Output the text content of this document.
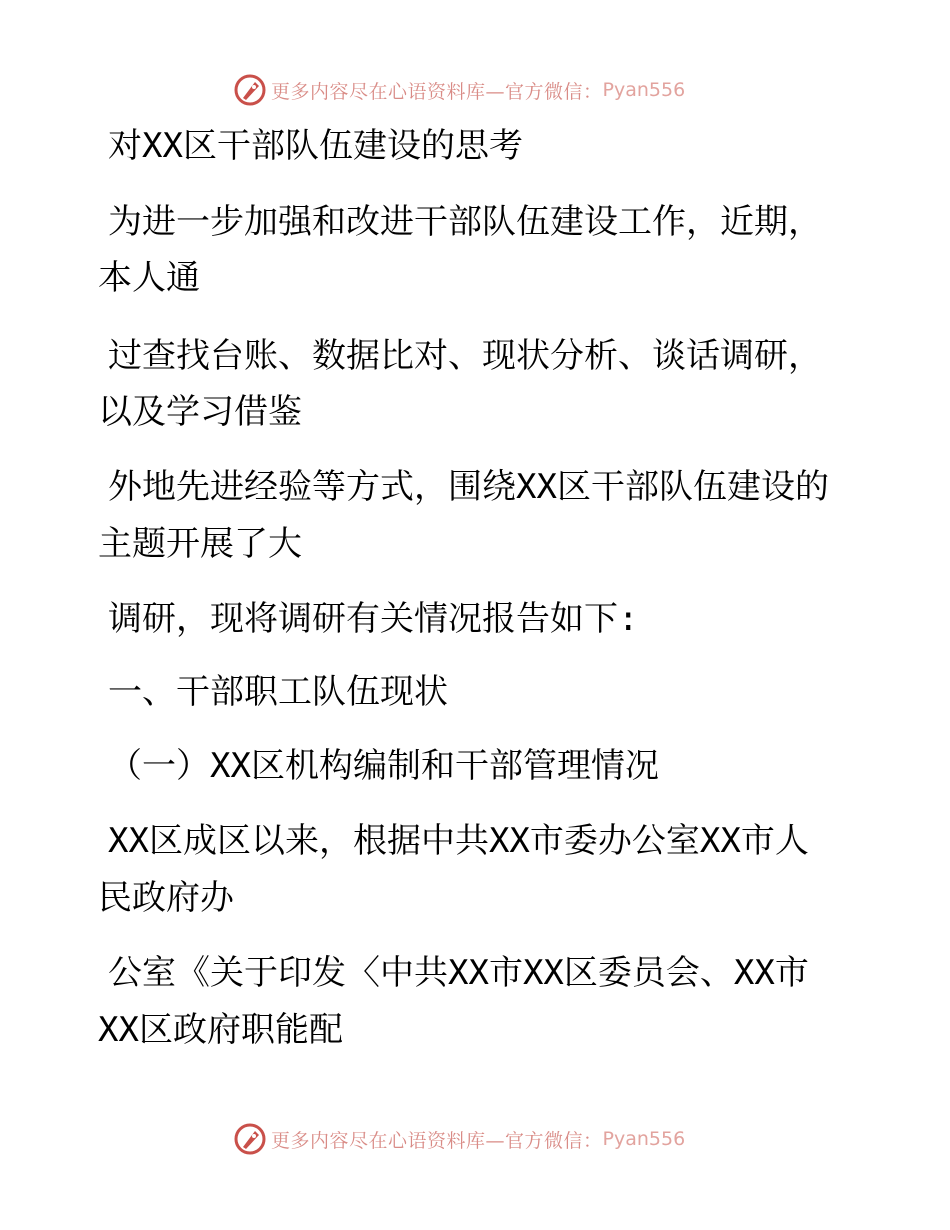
更多内容尽在心语资料库—官方微信： Pyan556
对XX区干部队伍建设的思考
为进一步加强和改进干部队伍建设工作，近期，
本人通
过查找台账、数据比对、现状分析、谈话调研，
以及学习借鉴
外地先进经验等方式，围绕XX区干部队伍建设的
主题开展了大
调研，现将调研有关情况报告如下:
一、干部职工队伍现状
（一）XX区机构编制和干部管理情况
XX区成区以来，根据中共XX市委办公室XX市人
民政府办
公室《关于印发〈中共XX市XX区委员会、XX市
XX区政府职能配
更多内容尽在心语资料库—官方微信： Pyan556
